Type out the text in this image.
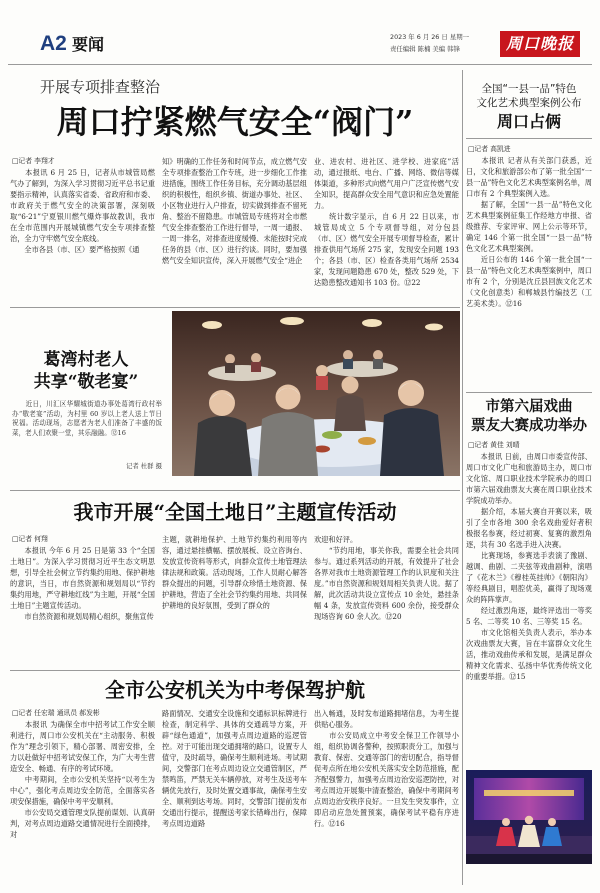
A2 要闻	2023 年 6 月 26 日 星期一
责任编辑 陈楠 美编 韩锋	周口晚报
开展专项排查整治
周口拧紧燃气安全“阀门”
□记者 李翔才
　　本报讯 6 月 25 日，记者从市城管局燃气办了解到，为深入学习贯彻习近平总书记重要指示精神，认真落实省委、省政府和市委、市政府关于燃气安全的决策部署，深刻吸取“6·21”宁夏银川燃气爆炸事故教训，我市在全市范围内开展城镇燃气安全专项排查整治，全力守牢燃气安全底线。
　　全市各县（市、区）要严格按照《通
知》明确的工作任务和时间节点，成立燃气安全专项排查整治工作专班，进一步细化工作推进措施，围绕工作任务目标，充分调动基层组织的积极性，组织乡镇、街道办事处、社区、小区物业进行入户排查，切实做到排查不留死角、整治不留隐患。市城管局专班将对全市燃气安全排查整治工作进行督导，一周一通报、一周一排名，对排查进度缓慢、未能按时完成任务的县（市、区）进行约谈。同时，要加强燃气安全知识宣传，深入开展燃气安全“进企
业、进农村、进社区、进学校、进家庭”活动，通过报纸、电台、广播、网络、微信等媒体渠道，多种形式向燃气用户广泛宣传燃气安全知识，提高群众安全用气意识和应急处置能力。
　　统计数字显示，自 6 月 22 日以来，市城管局成立 5 个专项督导组，对分包县（市、区）燃气安全开展专项督导检查，累计排查供用气场所 275 家，发现安全问题 193 个；各县（市、区）检查各类用气场所 2534 家，发现问题隐患 670 处，整改 529 处，下达隐患整改通知书 103 份。⑫22
全国“一县一品”特色
文化艺术典型案例公布
周口占俩
□记者 高凯进
　　本报讯 记者从有关部门获悉，近日，文化和旅游部公布了第一批全国“一县一品”特色文化艺术典型案例名单，周口市有 2 个典型案例入选。
　　据了解，全国“一县一品”特色文化艺术典型案例征集工作经地方申报、省级推荐、专家评审、网上公示等环节，确定 146 个第一批全国“一县一品”特色文化艺术典型案例。
　　近日公布的 146 个第一批全国“一县一品”特色文化艺术典型案例中，周口市有 2 个，分别是沈丘县回族文化艺术（文化创意类）和郸城县竹编技艺（工艺美术类）。⑫16
市第六届戏曲
票友大赛成功举办
□记者 黄佳 刘晴
　　本报讯 日前，由周口市委宣传部、周口市文化广电和旅游局主办，周口市文化馆、周口职业技术学院承办的周口市第六届戏曲票友大赛在周口职业技术学院成功举办。
　　据介绍，本届大赛自开赛以来，吸引了全市各地 300 余名戏曲爱好者积极报名参赛，经过初赛、复赛的激烈角逐，共有 30 名选手进入决赛。
　　比赛现场，参赛选手表演了豫剧、越调、曲剧、二夹弦等戏曲剧种，演唱了《花木兰》《穆桂英挂帅》《朝阳沟》等经典剧目，唱腔优美，赢得了现场观众的阵阵掌声。
　　经过激烈角逐，最终评选出一等奖 5 名、二等奖 10 名、三等奖 15 名。
　　市文化馆相关负责人表示，举办本次戏曲票友大赛，旨在丰富群众文化生活，推动戏曲传承和发展，是满足群众精神文化需求、弘扬中华优秀传统文化的重要举措。⑫15
葛湾村老人
共享“敬老宴”
　　近日，川汇区华耀城街道办事处葛湾行政村举办“敬老宴”活动，为村里 60 岁以上老人送上节日祝福。活动现场，志愿者为老人们准备了丰盛的饭菜，老人们欢聚一堂，其乐融融。⑫16
记者 杜群 摄
我市开展“全国土地日”主题宣传活动
□记者 何翔
　　本报讯 今年 6 月 25 日是第 33 个“全国土地日”。为深入学习贯彻习近平生态文明思想，引导全社会树立节约集约用地、保护耕地的意识，当日，市自然资源和规划局以“节约集约用地，严守耕地红线”为主题，开展“全国土地日”主题宣传活动。
　　市自然资源和规划局精心组织，聚焦宣传
主题，就耕地保护、土地节约集约利用等内容，通过悬挂横幅、摆放展板、设立咨询台、发放宣传资料等形式，向群众宣传土地管理法律法规和政策。活动现场，工作人员耐心解答群众提出的问题，引导群众珍惜土地资源、保护耕地，营造了全社会节约集约用地、共同保护耕地的良好氛围，受到了群众的
欢迎和好评。
　　“节约用地，事关你我，需要全社会共同参与。通过系列活动的开展，有效提升了社会各界对我市土地资源管理工作的认识度和关注度。”市自然资源和规划局相关负责人说。据了解，此次活动共设立宣传点 10 余处，悬挂条幅 4 条，发放宣传资料 600 余份，接受群众现场咨询 60 余人次。⑫20
全市公安机关为中考保驾护航
□记者 任宏瑞 通讯员 郝发彬
　　本报讯 为确保全市中招考试工作安全顺利进行，周口市公安机关在“主动服务、积极作为”理念引领下，精心部署、周密安排，全力以赴做好中招考试安保工作，为广大考生营造安全、畅通、有序的考试环境。
　　中考期间，全市公安机关坚持“以考生为中心”，强化考点周边安全防范，全面落实各项安保措施，确保中考平安顺利。
　　市公安局交通管理支队提前谋划、认真研判，对考点周边道路交通情况进行全面摸排，对
路面情况、交通安全设施和交通标识标牌进行检查，制定科学、具体的交通疏导方案，开辟“绿色通道”，加强考点周边道路的巡逻管控。对于可能出现交通拥堵的路口，设置专人值守，及时疏导，确保考生顺利进场。考试期间，交警部门在考点周边设立交通管制区，严禁鸣笛，严禁无关车辆停放，对考生及送考车辆优先放行，及时处置交通事故，确保考生安全、顺利到达考场。同时，交警部门提前发布交通出行提示，提醒送考家长错峰出行，保障考点周边道路
出入畅通，及时发布道路拥堵信息，为考生提供贴心服务。
　　市公安局成立中考安全保卫工作领导小组，组织协调各警种，按照职责分工，加强与教育、保密、交通等部门的密切配合，指导督促考点所在地公安机关落实安全防范措施，配齐配强警力，加强考点周边治安巡逻防控，对考点周边开展集中清查整治，确保中考期间考点周边治安秩序良好。一旦发生突发事件，立即启动应急处置预案，确保考试平稳有序进行。⑫16
